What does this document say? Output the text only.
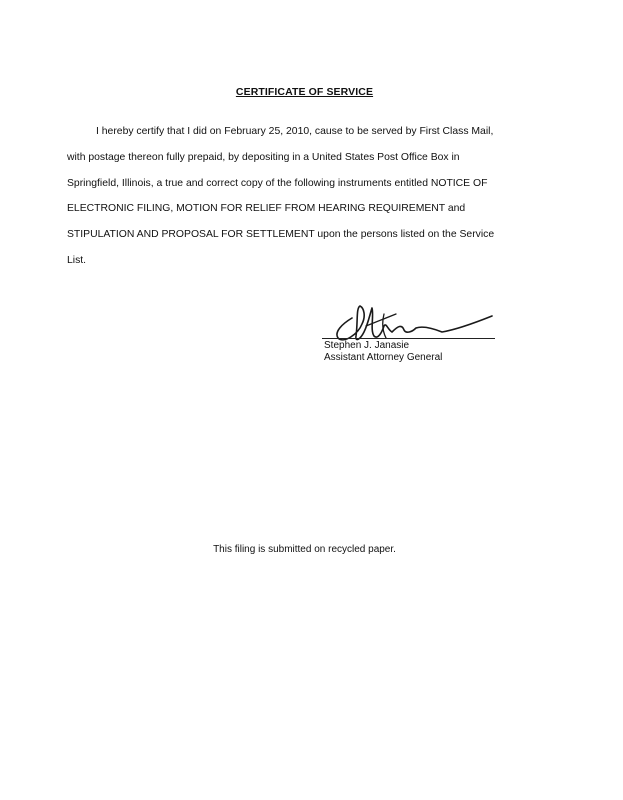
CERTIFICATE OF SERVICE
I hereby certify that I did on February 25, 2010, cause to be served by First Class Mail,
with postage thereon fully prepaid, by depositing in a United States Post Office Box in
Springfield, Illinois, a true and correct copy of the following instruments entitled NOTICE OF
ELECTRONIC FILING, MOTION FOR RELIEF FROM HEARING REQUIREMENT and
STIPULATION AND PROPOSAL FOR SETTLEMENT upon the persons listed on the Service
List.
Stephen J. Janasie
Assistant Attorney General
This filing is submitted on recycled paper.
